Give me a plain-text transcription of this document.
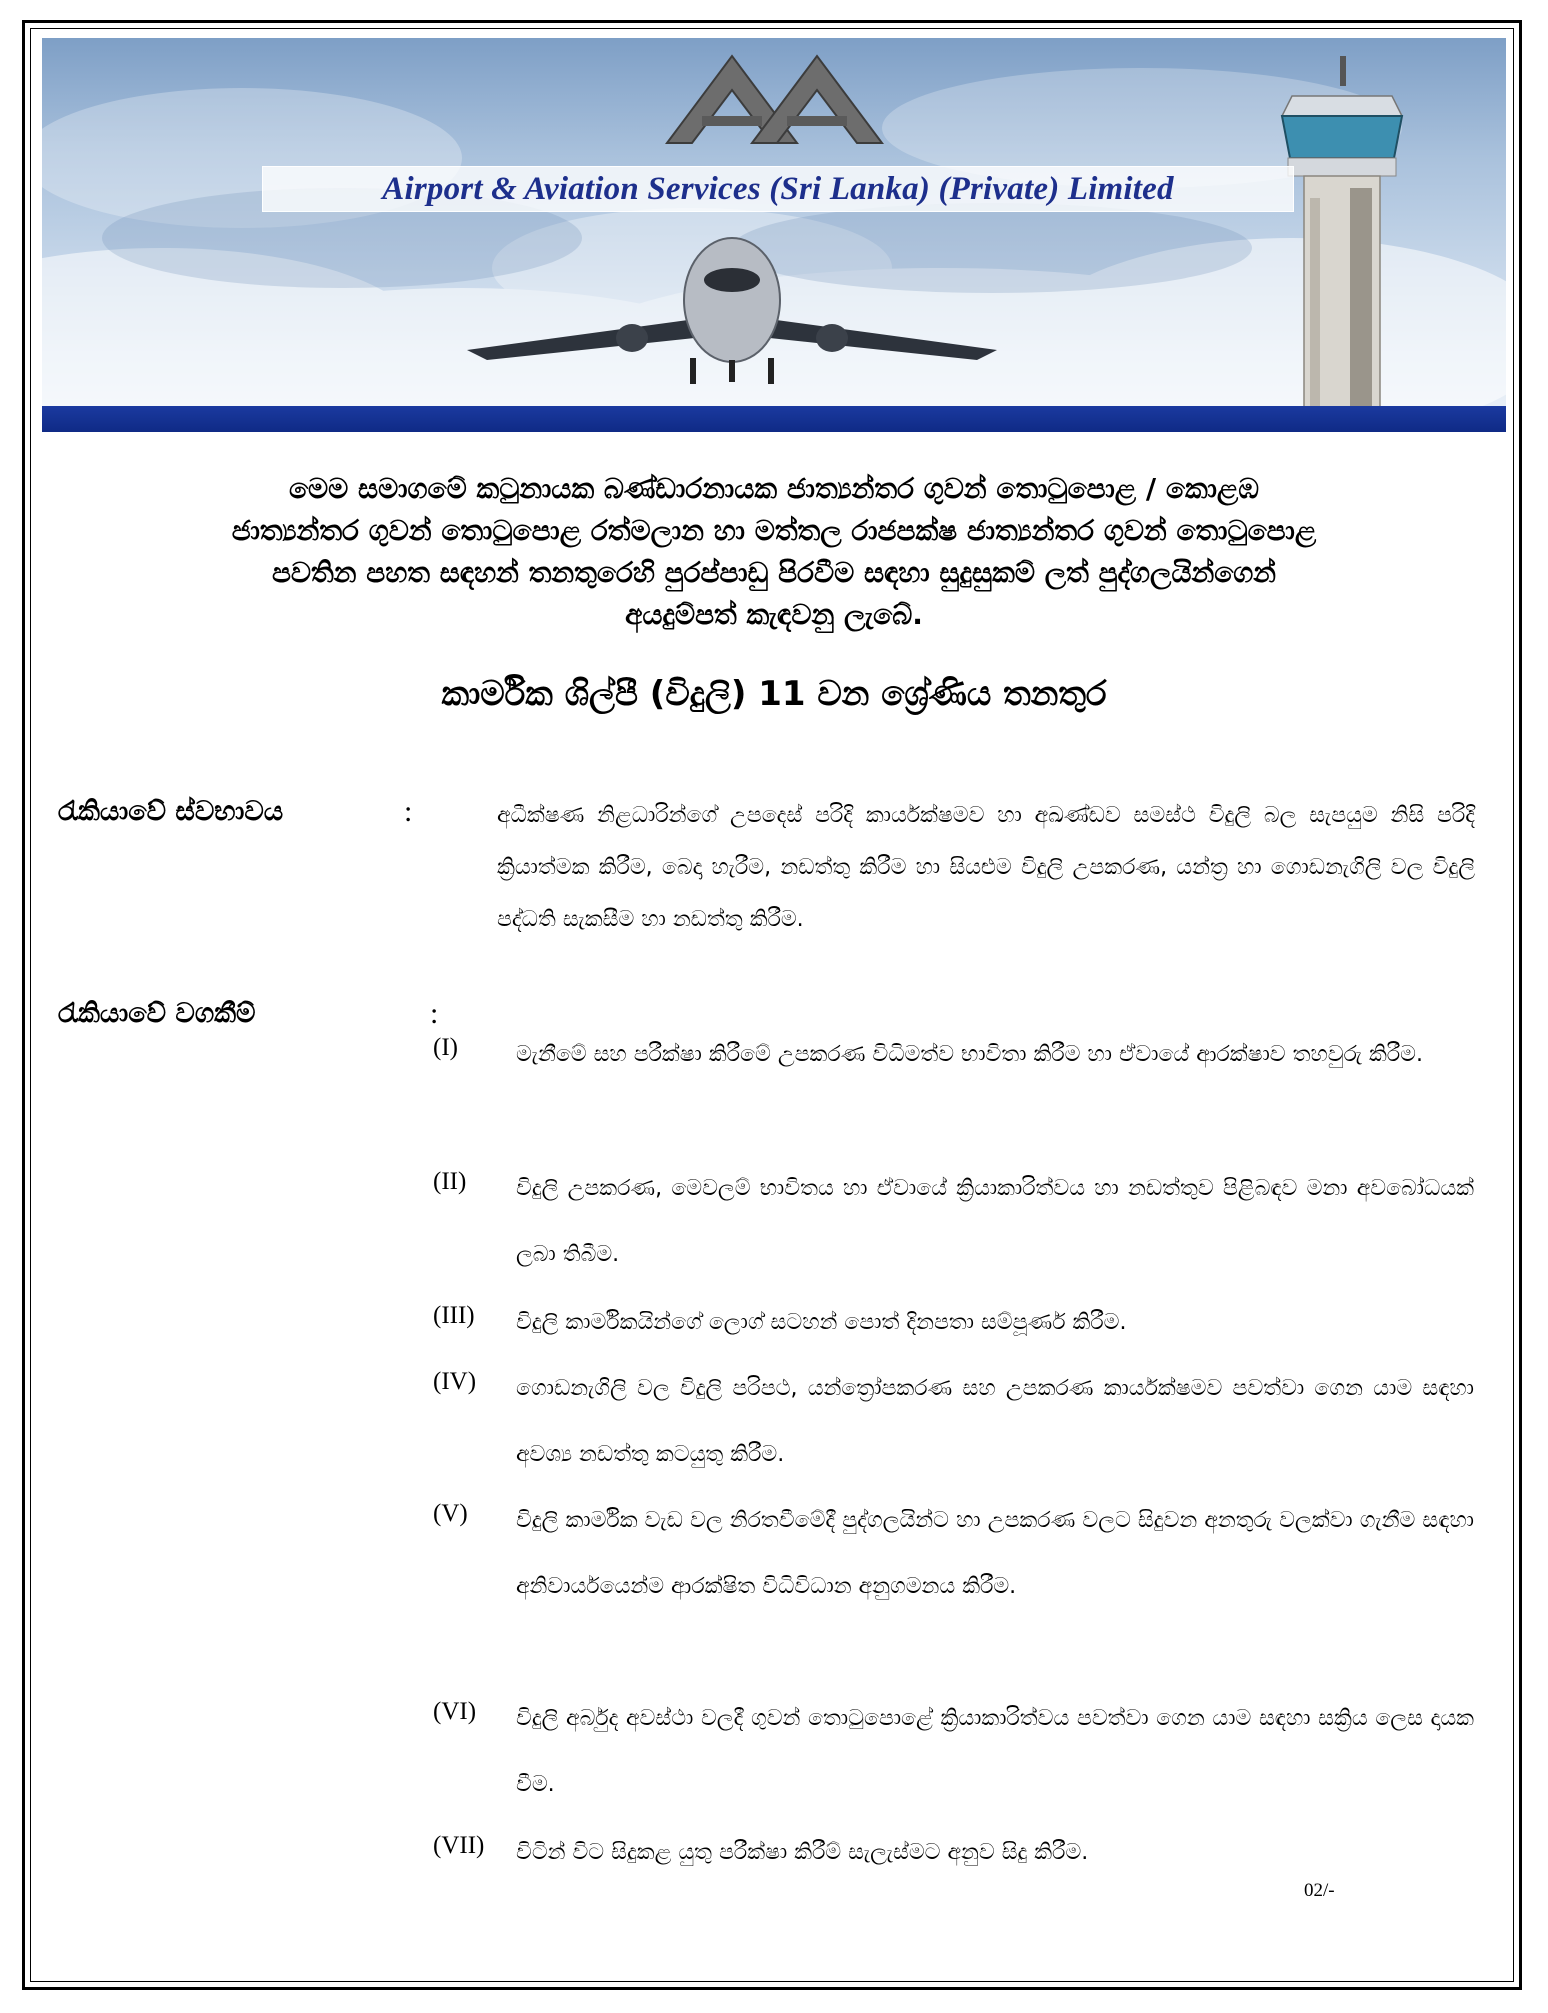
Airport & Aviation Services (Sri Lanka) (Private) Limited
මෙම සමාගමේ කටුනායක බණ්ඩාරනායක ජාත්‍යන්තර ගුවන් තොටුපොළ / කොළඹ
ජාත්‍යන්තර ගුවන් තොටුපොළ රත්මලාන හා මත්තල රාජපක්ෂ ජාත්‍යන්තර ගුවන් තොටුපොළ
පවතින පහත සඳහන් තනතුරෙහි පුරප්පාඩු පිරවීම සඳහා සුදුසුකම් ලත් පුද්ගලයින්ගෙන්
අයදුම්පත් කැඳවනු ලැබේ.
කාර්මික ශිල්පී (විදුලි) 11 වන ශ්‍රේණිය තනතුර
රැකියාවේ ස්වභාවය	:	අධීක්ෂණ නිළධාරින්ගේ උපදෙස් පරිදි කාර්යක්ෂමව හා අඛණ්ඩව සමස්ථ විදුලි බල සැපයුම නිසි පරිදි ක්‍රියාත්මක කිරීම, බෙදා හැරීම, නඩත්තු කිරීම හා සියළුම විදුලි උපකරණ, යන්ත්‍ර හා ගොඩනැගිලි වල විදුලි පද්ධති සැකසීම හා නඩත්තු කිරීම.
රැකියාවේ වගකීම්	:
(I)	මැනීමේ සහ පරීක්ෂා කිරීමේ උපකරණ විධිමත්ව භාවිතා කිරීම හා ඒවායේ ආරක්ෂාව තහවුරු කිරීම.
(II) විදුලි උපකරණ, මෙවලම් භාවිතය හා ඒවායේ ක්‍රියාකාරිත්වය හා නඩත්තුව පිළිබඳව මනා අවබෝධයක් ලබා තිබීම.
(III) විදුලි කාර්මිකයින්ගේ ලොග් සටහන් පොත් දිනපතා සම්පූර්ණ කිරීම.
(IV) ගොඩනැගිලි වල විදුලි පරිපථ, යන්ත්‍රෝපකරණ සහ උපකරණ කාර්යක්ෂමව පවත්වා ගෙන යාම සඳහා අවශ්‍ය නඩත්තු කටයුතු කිරීම.
(V) විදුලි කාර්මික වැඩ වල නිරතවීමේදී පුද්ගලයින්ට හා උපකරණ වලට සිදුවන අනතුරු වලක්වා ගැනීම සඳහා අනිවාර්යයෙන්ම ආරක්ෂිත විධිවිධාන අනුගමනය කිරීම.
(VI) විදුලි අර්බුද අවස්ථා වලදී ගුවන් තොටුපොළේ ක්‍රියාකාරිත්වය පවත්වා ගෙන යාම සඳහා සක්‍රිය ලෙස දායක වීම.
(VII) විටින් විට සිදුකළ යුතු පරීක්ෂා කිරීම් සැලැස්මට අනුව සිදු කිරීම.
02/-
